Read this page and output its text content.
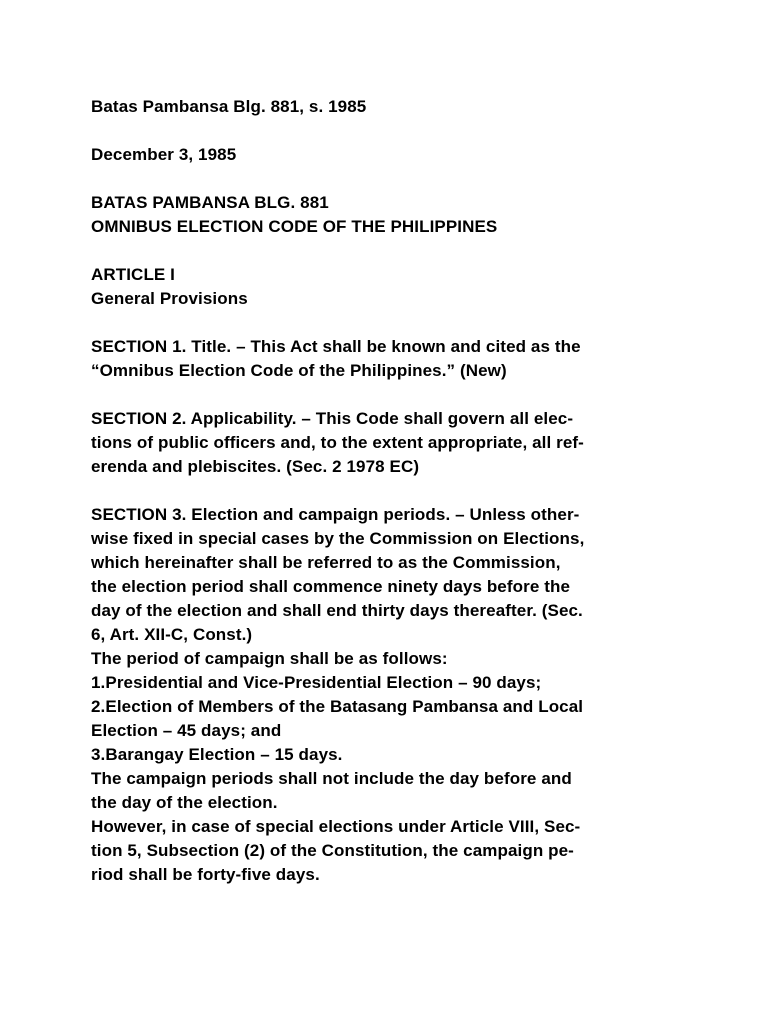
Batas Pambansa Blg. 881, s. 1985

December 3, 1985

BATAS PAMBANSA BLG. 881
OMNIBUS ELECTION CODE OF THE PHILIPPINES

ARTICLE I
General Provisions

SECTION 1. Title. – This Act shall be known and cited as the
“Omnibus Election Code of the Philippines.” (New)

SECTION 2. Applicability. – This Code shall govern all elec-
tions of public officers and, to the extent appropriate, all ref-
erenda and plebiscites. (Sec. 2 1978 EC)

SECTION 3. Election and campaign periods. – Unless other-
wise fixed in special cases by the Commission on Elections,
which hereinafter shall be referred to as the Commission,
the election period shall commence ninety days before the
day of the election and shall end thirty days thereafter. (Sec.
6, Art. XII-C, Const.)
The period of campaign shall be as follows:
1.Presidential and Vice-Presidential Election – 90 days;
2.Election of Members of the Batasang Pambansa and Local
Election – 45 days; and
3.Barangay Election – 15 days.
The campaign periods shall not include the day before and
the day of the election.
However, in case of special elections under Article VIII, Sec-
tion 5, Subsection (2) of the Constitution, the campaign pe-
riod shall be forty-five days.
